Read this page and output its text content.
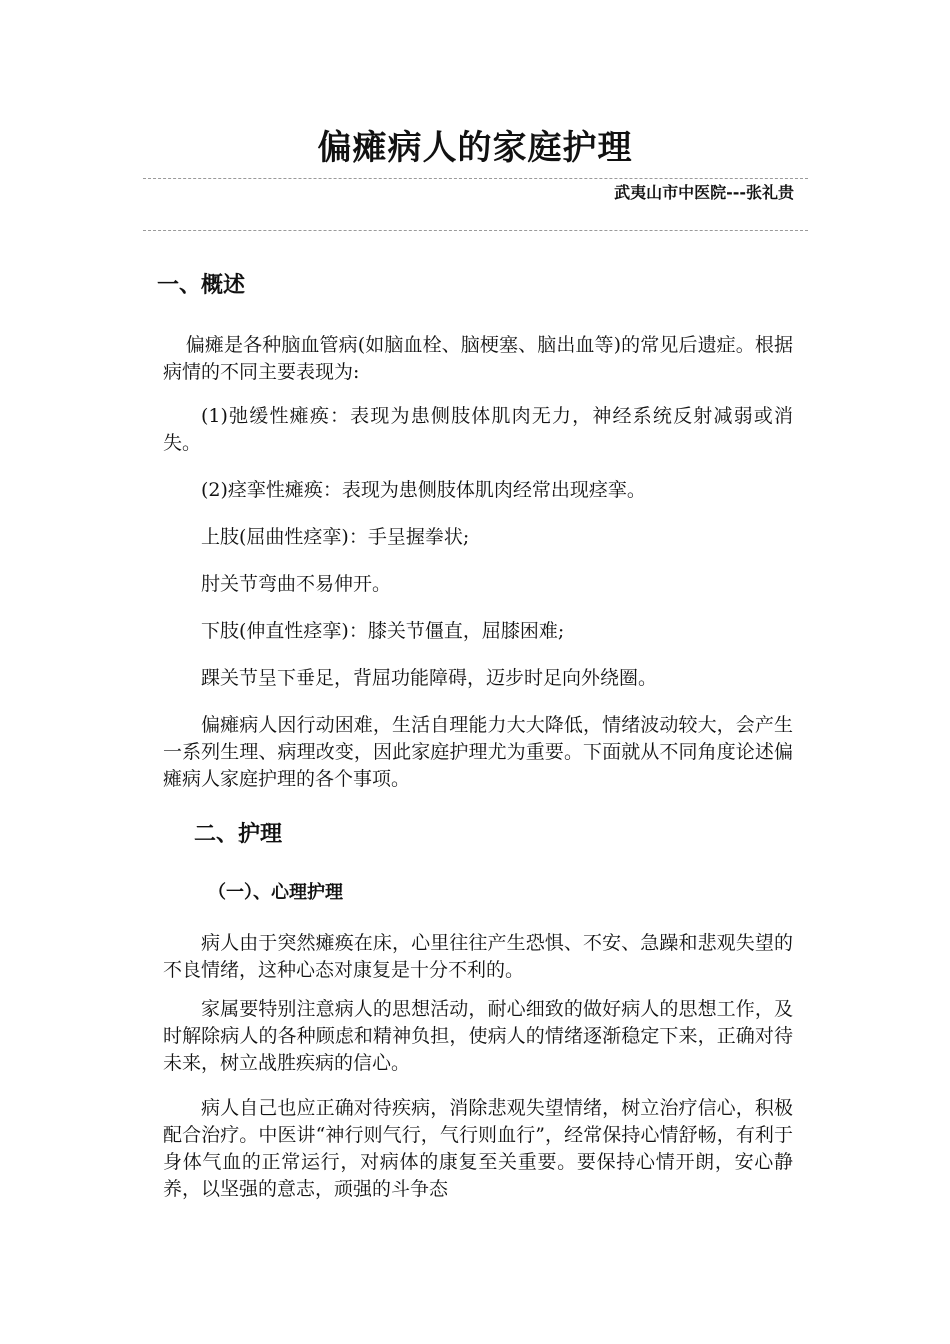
偏瘫病人的家庭护理
武夷山市中医院---张礼贵
一、概述
偏瘫是各种脑血管病(如脑血栓、脑梗塞、脑出血等)的常见后遗症。根据病情的不同主要表现为:
(1)弛缓性瘫痪：表现为患侧肢体肌肉无力，神经系统反射减弱或消失。
(2)痉挛性瘫痪：表现为患侧肢体肌肉经常出现痉挛。
上肢(屈曲性痉挛)：手呈握拳状;
肘关节弯曲不易伸开。
下肢(伸直性痉挛)：膝关节僵直，屈膝困难;
踝关节呈下垂足，背屈功能障碍，迈步时足向外绕圈。
偏瘫病人因行动困难，生活自理能力大大降低，情绪波动较大，会产生一系列生理、病理改变，因此家庭护理尤为重要。下面就从不同角度论述偏瘫病人家庭护理的各个事项。
二、护理
（一）、心理护理
病人由于突然瘫痪在床，心里往往产生恐惧、不安、急躁和悲观失望的不良情绪，这种心态对康复是十分不利的。
家属要特别注意病人的思想活动，耐心细致的做好病人的思想工作，及时解除病人的各种顾虑和精神负担，使病人的情绪逐渐稳定下来，正确对待未来，树立战胜疾病的信心。
病人自己也应正确对待疾病，消除悲观失望情绪，树立治疗信心，积极配合治疗。中医讲“神行则气行，气行则血行”，经常保持心情舒畅，有利于身体气血的正常运行，对病体的康复至关重要。要保持心情开朗，安心静养，以坚强的意志，顽强的斗争态
